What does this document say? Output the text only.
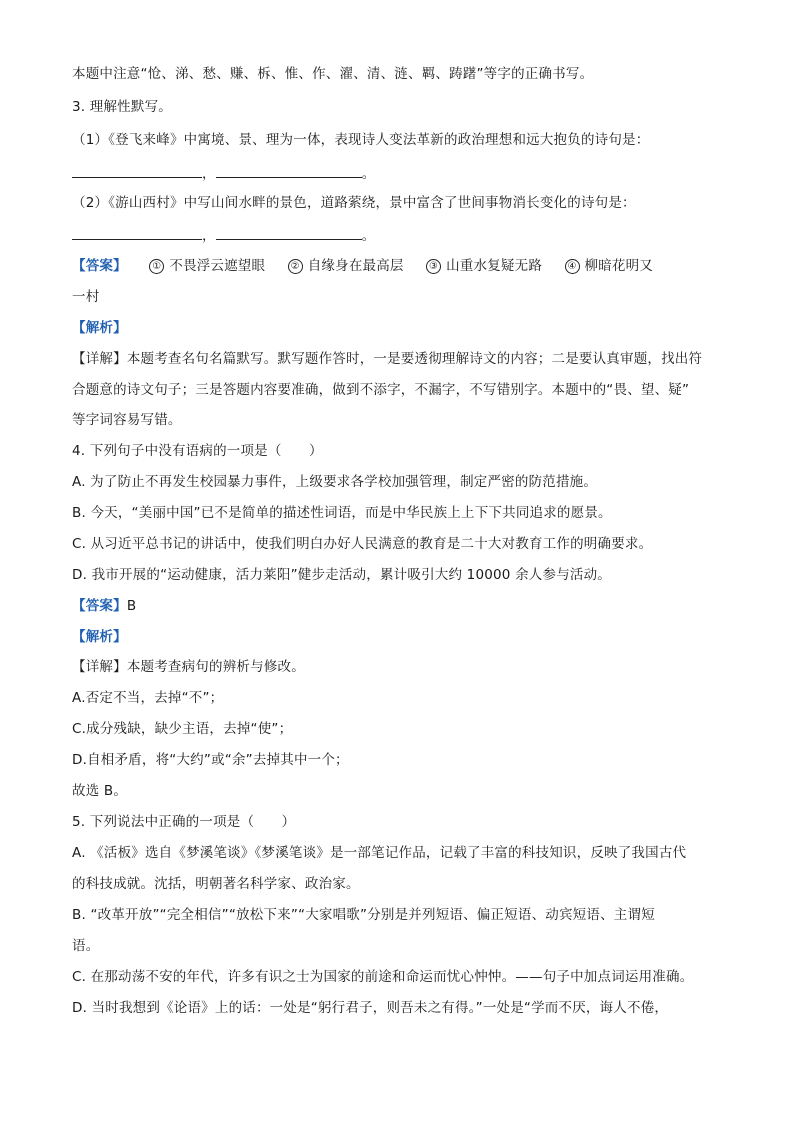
本题中注意“怆、涕、愁、赚、柝、惟、作、濯、清、涟、羁、踌躇”等字的正确书写。
3. 理解性默写。
（1）《登飞来峰》中寓境、景、理为一体，表现诗人变法革新的政治理想和远大抱负的诗句是：
，	。
（2）《游山西村》中写山间水畔的景色，道路萦绕，景中富含了世间事物消长变化的诗句是：
，	。
【答案】	① 不畏浮云遮望眼	② 自缘身在最高层	③ 山重水复疑无路	④ 柳暗花明又
一村
【解析】
【详解】本题考查名句名篇默写。默写题作答时，一是要透彻理解诗文的内容；二是要认真审题，找出符
合题意的诗文句子；三是答题内容要准确，做到不添字，不漏字，不写错别字。本题中的“畏、望、疑”
等字词容易写错。
4. 下列句子中没有语病的一项是（　　）
A. 为了防止不再发生校园暴力事件，上级要求各学校加强管理，制定严密的防范措施。
B. 今天，“美丽中国”已不是简单的描述性词语，而是中华民族上上下下共同追求的愿景。
C. 从习近平总书记的讲话中，使我们明白办好人民满意的教育是二十大对教育工作的明确要求。
D. 我市开展的“运动健康，活力莱阳”健步走活动，累计吸引大约 10000 余人参与活动。
【答案】B
【解析】
【详解】本题考查病句的辨析与修改。
A.否定不当，去掉“不”；
C.成分残缺，缺少主语，去掉“使”；
D.自相矛盾，将“大约”或“余”去掉其中一个；
故选 B。
5. 下列说法中正确的一项是（　　）
A. 《活板》选自《梦溪笔谈》《梦溪笔谈》是一部笔记作品，记载了丰富的科技知识，反映了我国古代
的科技成就。沈括，明朝著名科学家、政治家。
B. “改革开放”“完全相信”“放松下来”“大家唱歌”分别是并列短语、偏正短语、动宾短语、主谓短
语。
C. 在那动荡不安的年代，许多有识之士为国家的前途和命运而忧心忡忡。——句子中加点词运用准确。
D. 当时我想到《论语》上的话：一处是“躬行君子，则吾未之有得。”一处是“学而不厌，诲人不倦，
